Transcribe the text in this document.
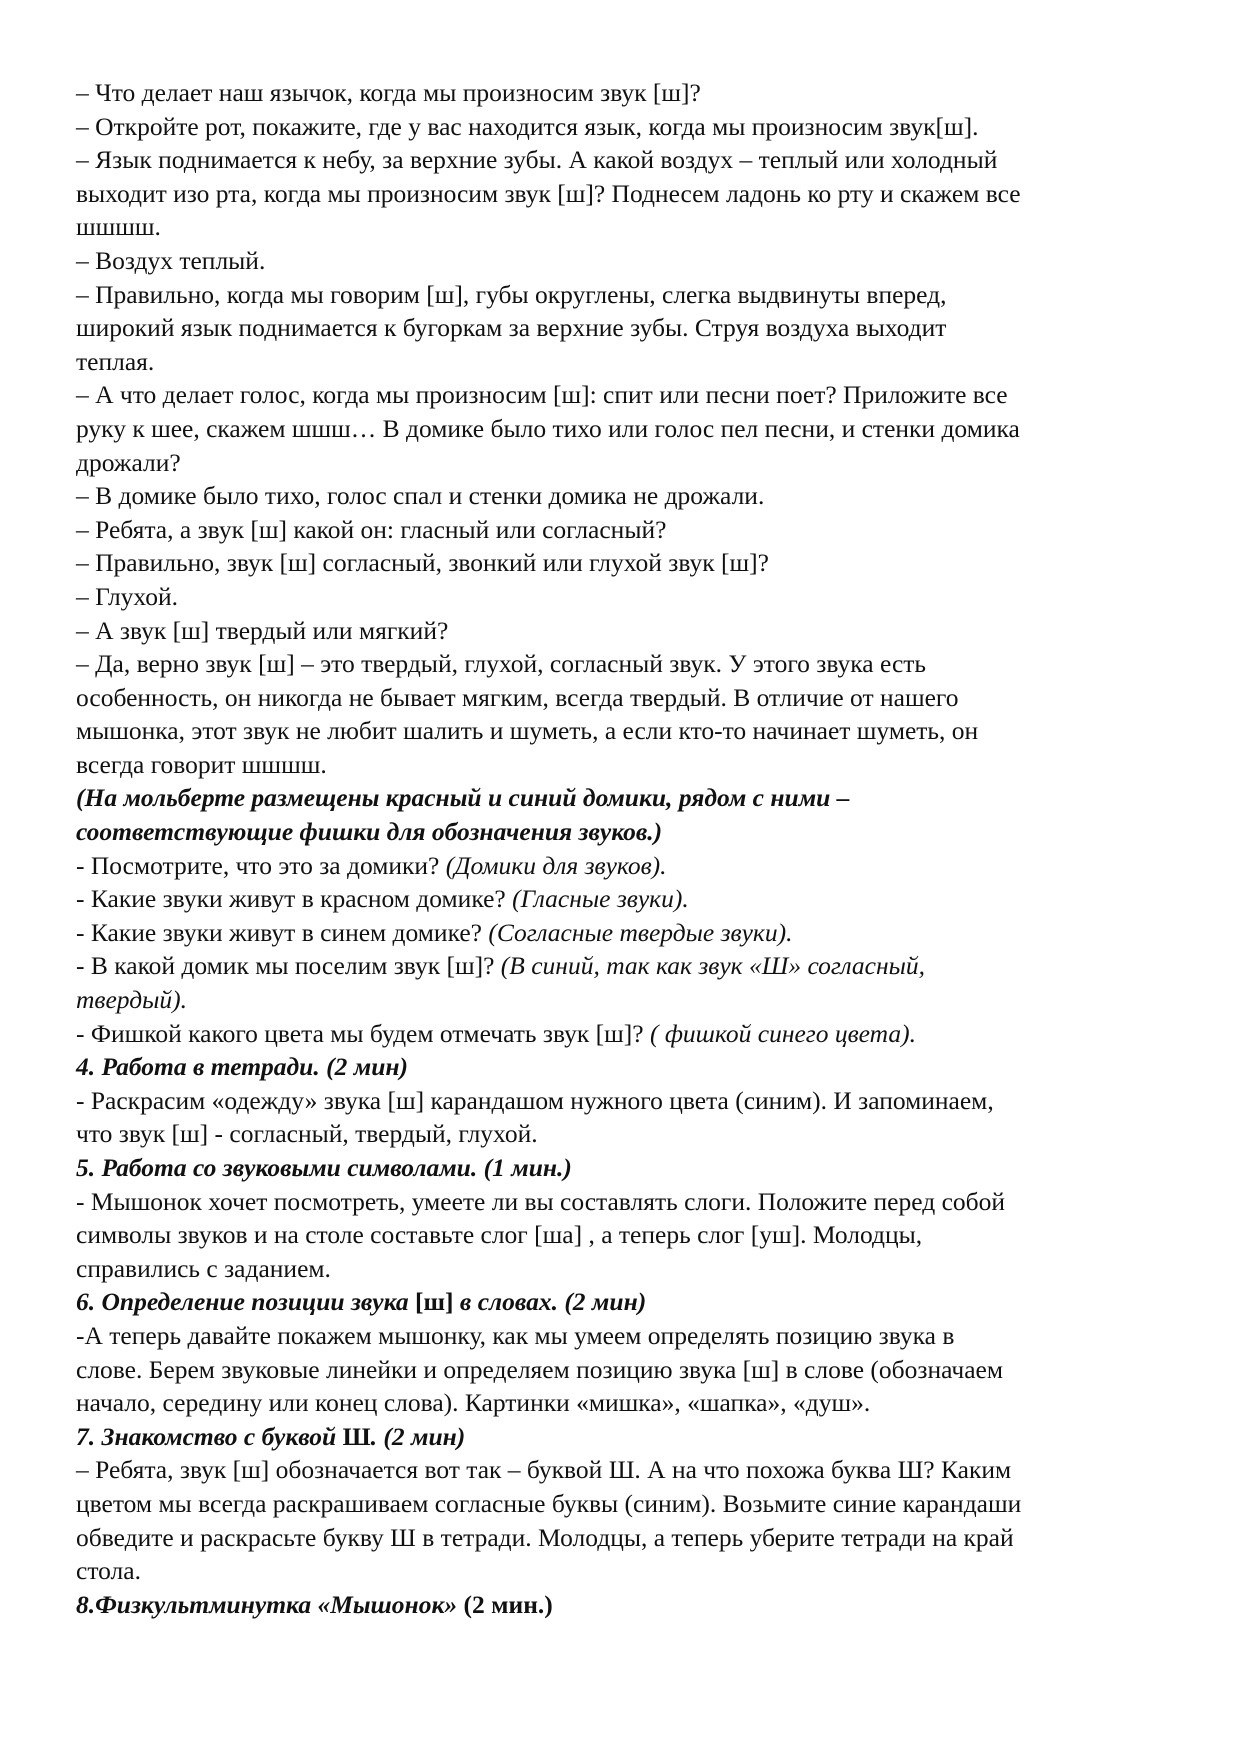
– Что делает наш язычок, когда мы произносим звук [ш]?
– Откройте рот, покажите, где у вас находится язык, когда мы произносим звук[ш].
– Язык поднимается к небу, за верхние зубы. А какой воздух – теплый или холодный
выходит изо рта, когда мы произносим звук [ш]? Поднесем ладонь ко рту и скажем все
шшшш.
– Воздух теплый.
– Правильно, когда мы говорим [ш], губы округлены, слегка выдвинуты вперед,
широкий язык поднимается к бугоркам за верхние зубы. Струя воздуха выходит
теплая.
– А что делает голос, когда мы произносим [ш]: спит или песни поет? Приложите все
руку к шее, скажем шшш… В домике было тихо или голос пел песни, и стенки домика
дрожали?
– В домике было тихо, голос спал и стенки домика не дрожали.
– Ребята, а звук [ш] какой он: гласный или согласный?
– Правильно, звук [ш] согласный, звонкий или глухой звук [ш]?
– Глухой.
– А звук [ш] твердый или мягкий?
– Да, верно звук [ш] – это твердый, глухой, согласный звук. У этого звука есть
особенность, он никогда не бывает мягким, всегда твердый. В отличие от нашего
мышонка, этот звук не любит шалить и шуметь, а если кто-то начинает шуметь, он
всегда говорит шшшш.
(На мольберте размещены красный и синий домики, рядом с ними –
соответствующие фишки для обозначения звуков.)
- Посмотрите, что это за домики? (Домики для звуков).
- Какие звуки живут в красном домике? (Гласные звуки).
- Какие звуки живут в синем домике? (Согласные твердые звуки).
- В какой домик мы поселим звук [ш]? (В синий, так как звук «Ш» согласный,
твердый).
- Фишкой какого цвета мы будем отмечать звук [ш]? ( фишкой синего цвета).
4. Работа в тетради. (2 мин)
- Раскрасим «одежду» звука [ш] карандашом нужного цвета (синим). И запоминаем,
что звук [ш] - согласный, твердый, глухой.
5. Работа со звуковыми символами. (1 мин.)
- Мышонок хочет посмотреть, умеете ли вы составлять слоги. Положите перед собой
символы звуков и на столе составьте слог [ша] , а теперь слог [уш]. Молодцы,
справились с заданием.
6. Определение позиции звука [ш] в словах. (2 мин)
-А теперь давайте покажем мышонку, как мы умеем определять позицию звука в
слове. Берем звуковые линейки и определяем позицию звука [ш] в слове (обозначаем
начало, середину или конец слова). Картинки «мишка», «шапка», «душ».
7. Знакомство с буквой Ш. (2 мин)
– Ребята, звук [ш] обозначается вот так – буквой Ш. А на что похожа буква Ш? Каким
цветом мы всегда раскрашиваем согласные буквы (синим). Возьмите синие карандаши
обведите и раскрасьте букву Ш в тетради. Молодцы, а теперь уберите тетради на край
стола.
8.Физкультминутка «Мышонок» (2 мин.)
